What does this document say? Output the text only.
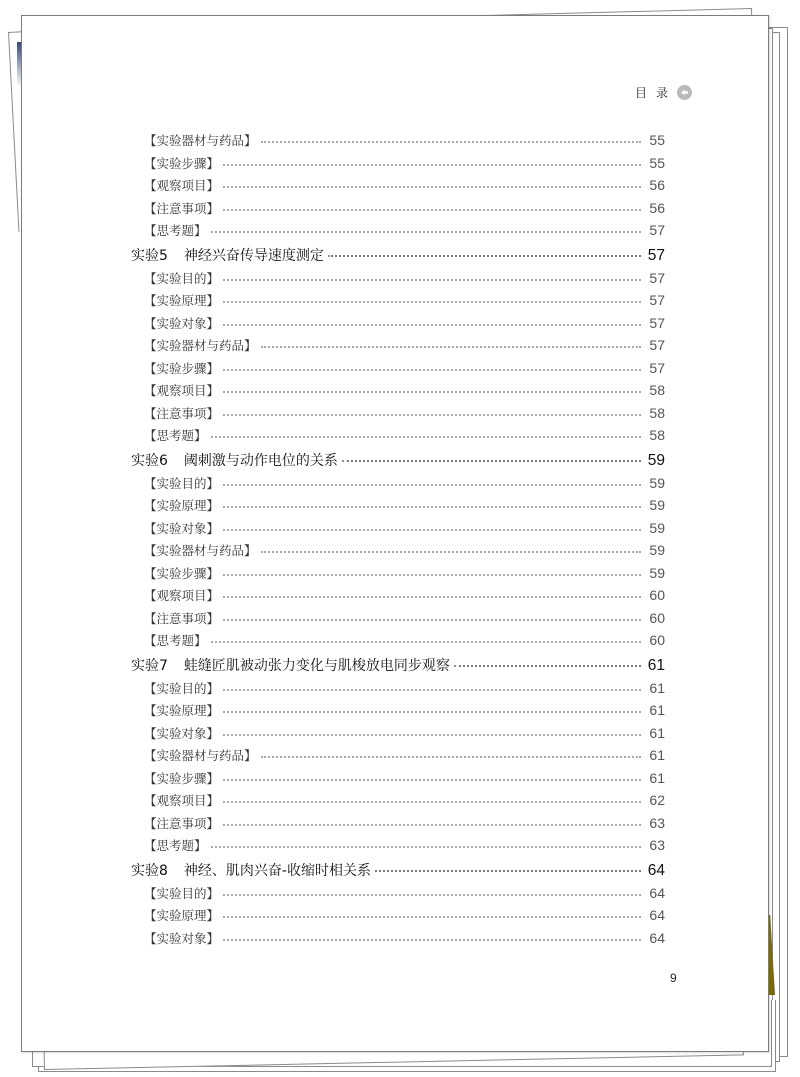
目录
【实验器材与药品】	55
【实验步骤】	55
【观察项目】	56
【注意事项】	56
【思考题】	57
实验5 神经兴奋传导速度测定	57
【实验目的】	57
【实验原理】	57
【实验对象】	57
【实验器材与药品】	57
【实验步骤】	57
【观察项目】	58
【注意事项】	58
【思考题】	58
实验6 阈刺激与动作电位的关系	59
【实验目的】	59
【实验原理】	59
【实验对象】	59
【实验器材与药品】	59
【实验步骤】	59
【观察项目】	60
【注意事项】	60
【思考题】	60
实验7 蛙缝匠肌被动张力变化与肌梭放电同步观察	61
【实验目的】	61
【实验原理】	61
【实验对象】	61
【实验器材与药品】	61
【实验步骤】	61
【观察项目】	62
【注意事项】	63
【思考题】	63
实验8 神经、肌肉兴奋-收缩时相关系	64
【实验目的】	64
【实验原理】	64
【实验对象】	64
9
